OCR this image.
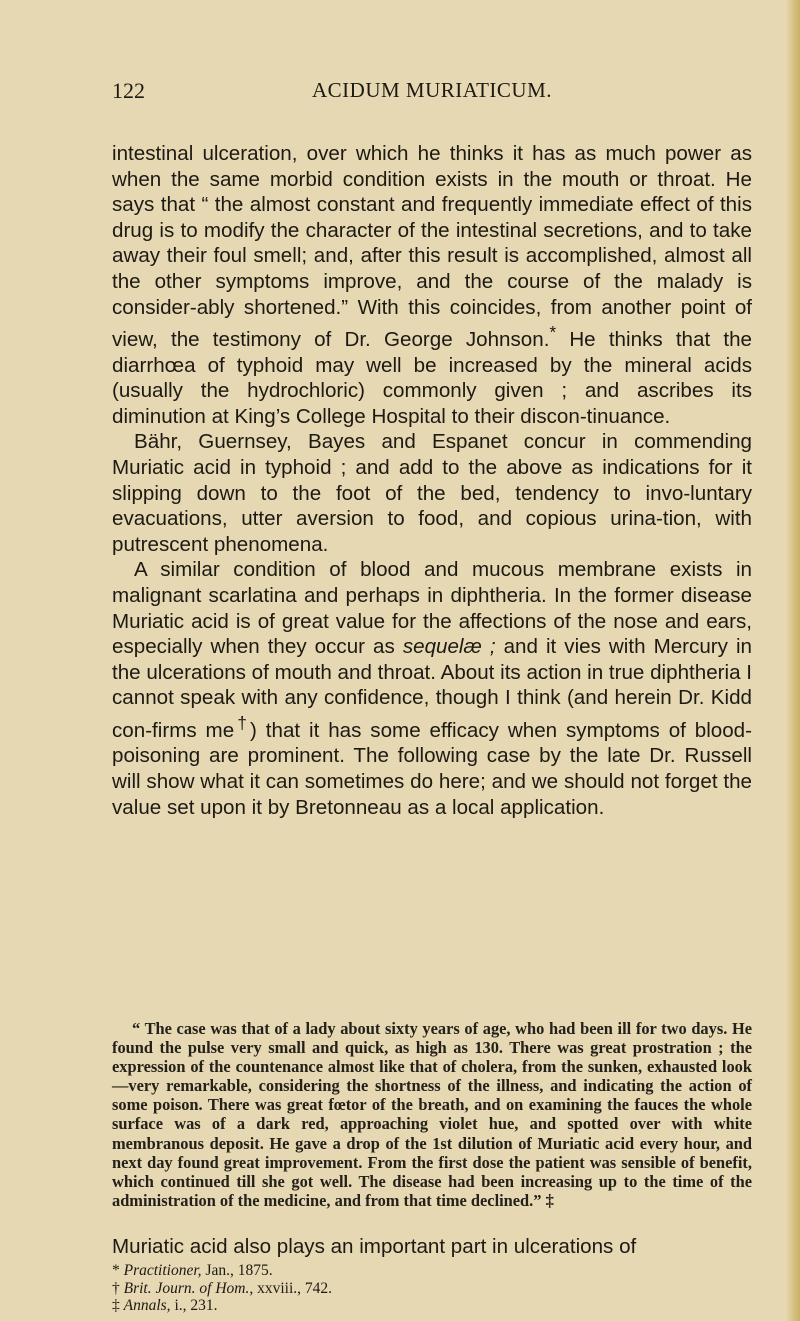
122	ACIDUM MURIATICUM.

intestinal ulceration, over which he thinks it has as much power as when the same morbid condition exists in the mouth or throat. He says that “ the almost constant and frequently immediate effect of this drug is to modify the character of the intestinal secretions, and to take away their foul smell; and, after this result is accomplished, almost all the other symptoms improve, and the course of the malady is consider-ably shortened.” With this coincides, from another point of view, the testimony of Dr. George Johnson.* He thinks that the diarrhœa of typhoid may well be increased by the mineral acids (usually the hydrochloric) commonly given ; and ascribes its diminution at King’s College Hospital to their discon-tinuance.

Bähr, Guernsey, Bayes and Espanet concur in commending Muriatic acid in typhoid ; and add to the above as indications for it slipping down to the foot of the bed, tendency to invo-luntary evacuations, utter aversion to food, and copious urina-tion, with putrescent phenomena.

A similar condition of blood and mucous membrane exists in malignant scarlatina and perhaps in diphtheria. In the former disease Muriatic acid is of great value for the affections of the nose and ears, especially when they occur as sequelæ ; and it vies with Mercury in the ulcerations of mouth and throat. About its action in true diphtheria I cannot speak with any confidence, though I think (and herein Dr. Kidd con-firms me†) that it has some efficacy when symptoms of blood-poisoning are prominent. The following case by the late Dr. Russell will show what it can sometimes do here; and we should not forget the value set upon it by Bretonneau as a local application.

“ The case was that of a lady about sixty years of age, who had been ill for two days. He found the pulse very small and quick, as high as 130. There was great prostration ; the expression of the countenance almost like that of cholera, from the sunken, exhausted look—very remarkable, considering the shortness of the illness, and indicating the action of some poison. There was great fœtor of the breath, and on examining the fauces the whole surface was of a dark red, approaching violet hue, and spotted over with white membranous deposit. He gave a drop of the 1st dilution of Muriatic acid every hour, and next day found great improvement. From the first dose the patient was sensible of benefit, which continued till she got well. The disease had been increasing up to the time of the administration of the medicine, and from that time declined.” ‡

Muriatic acid also plays an important part in ulcerations of
* Practitioner, Jan., 1875.
† Brit. Journ. of Hom., xxviii., 742.
‡ Annals, i., 231.
